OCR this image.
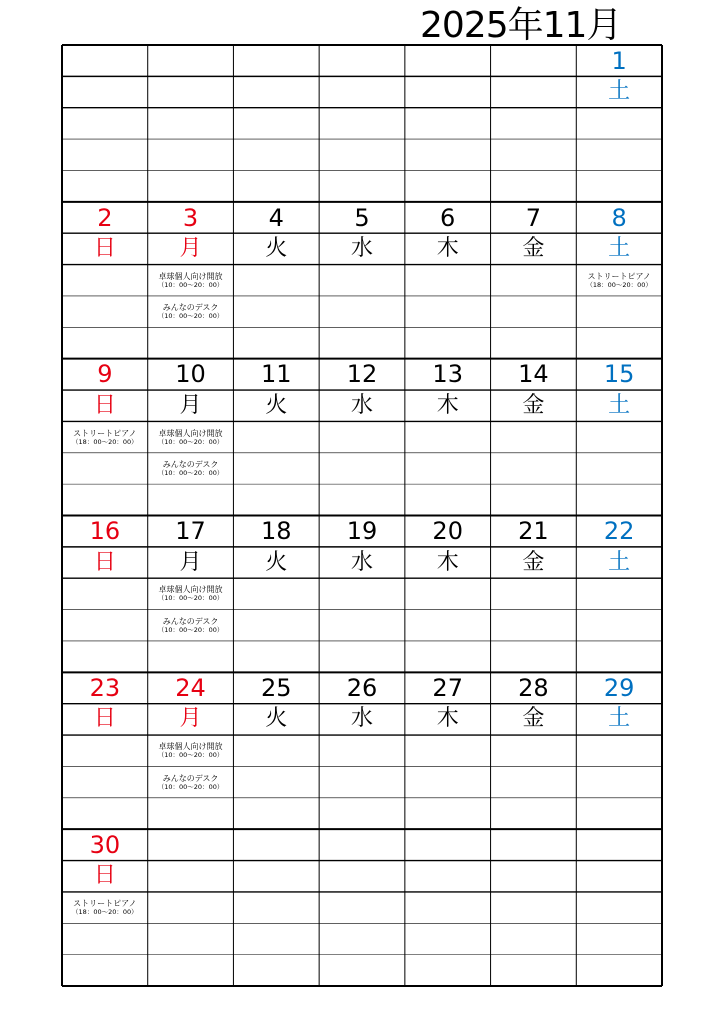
2025年11月
1
土
2
日
3
月
卓球個人向け開放
（10：00〜20：00）
みんなのデスク
（10：00〜20：00）
4
火
5
水
6
木
7
金
8
土
ストリートピアノ
（18：00〜20：00）
9
日
ストリートピアノ
（18：00〜20：00）
10
月
卓球個人向け開放
（10：00〜20：00）
みんなのデスク
（10：00〜20：00）
11
火
12
水
13
木
14
金
15
土
16
日
17
月
卓球個人向け開放
（10：00〜20：00）
みんなのデスク
（10：00〜20：00）
18
火
19
水
20
木
21
金
22
土
23
日
24
月
卓球個人向け開放
（10：00〜20：00）
みんなのデスク
（10：00〜20：00）
25
火
26
水
27
木
28
金
29
土
30
日
ストリートピアノ
（18：00〜20：00）
